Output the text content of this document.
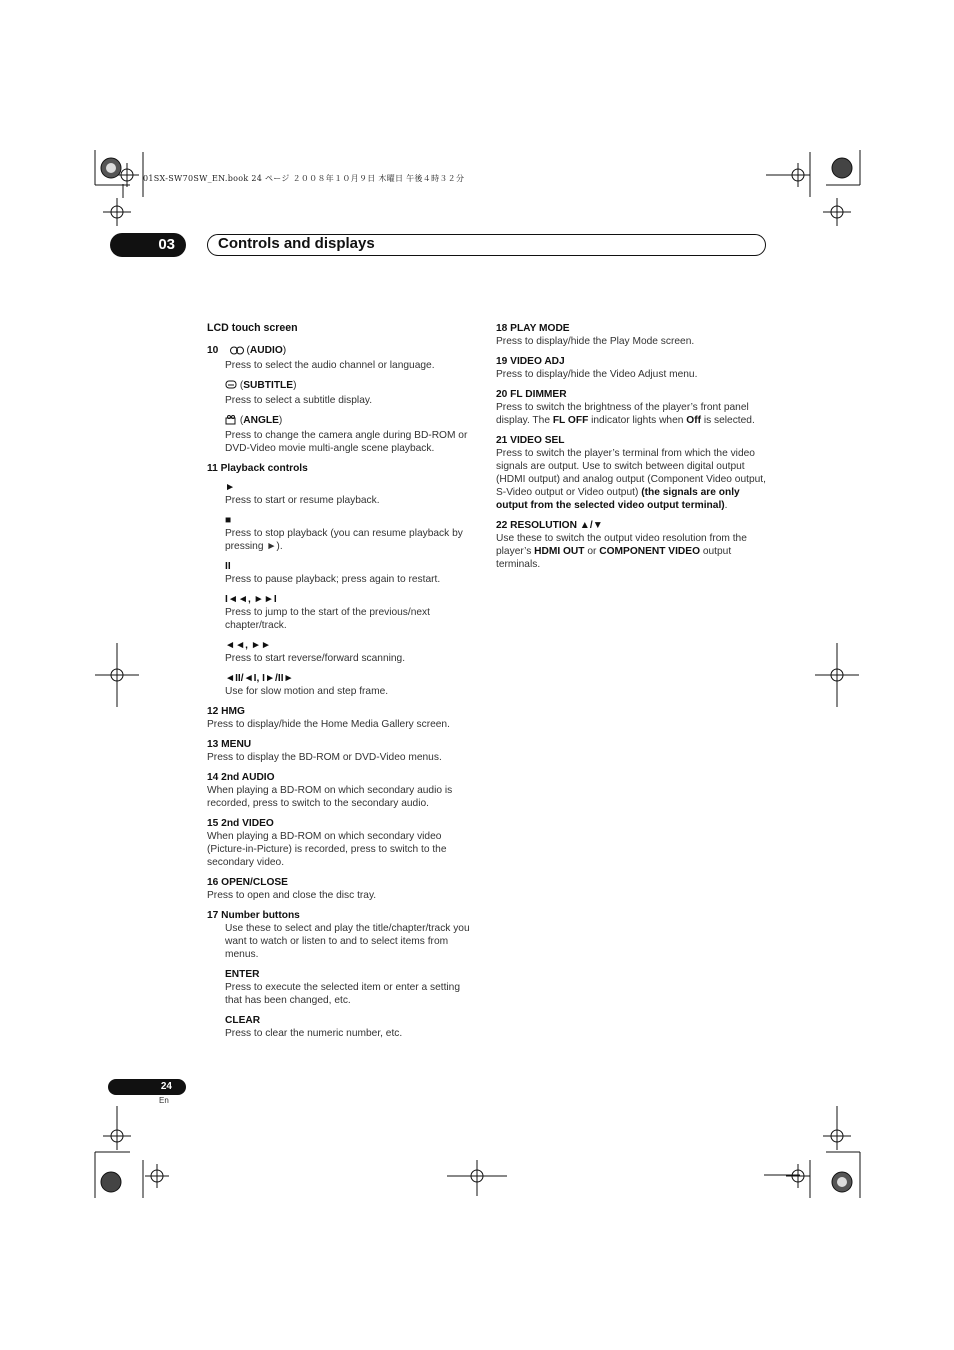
01SX-SW70SW_EN.book 24 ページ ２００８年１０月９日 木曜日 午後４時３２分
03	Controls and displays
LCD touch screen
10	(AUDIO)
Press to select the audio channel or language.
(SUBTITLE)
Press to select a subtitle display.
(ANGLE)
Press to change the camera angle during BD-ROM or DVD-Video movie multi-angle scene playback.
11 Playback controls
►
Press to start or resume playback.
■
Press to stop playback (you can resume playback by pressing ►).
II
Press to pause playback; press again to restart.
I◄◄, ►►I
Press to jump to the start of the previous/next chapter/track.
◄◄, ►►
Press to start reverse/forward scanning.
◄II/◄I, I►/II►
Use for slow motion and step frame.
12 HMG
Press to display/hide the Home Media Gallery screen.
13 MENU
Press to display the BD-ROM or DVD-Video menus.
14 2nd AUDIO
When playing a BD-ROM on which secondary audio is recorded, press to switch to the secondary audio.
15 2nd VIDEO
When playing a BD-ROM on which secondary video (Picture-in-Picture) is recorded, press to switch to the secondary video.
16 OPEN/CLOSE
Press to open and close the disc tray.
17 Number buttons
Use these to select and play the title/chapter/track you want to watch or listen to and to select items from menus.
ENTER
Press to execute the selected item or enter a setting that has been changed, etc.
CLEAR
Press to clear the numeric number, etc.
18 PLAY MODE
Press to display/hide the Play Mode screen.
19 VIDEO ADJ
Press to display/hide the Video Adjust menu.
20 FL DIMMER
Press to switch the brightness of the player’s front panel display. The FL OFF indicator lights when Off is selected.
21 VIDEO SEL
Press to switch the player’s terminal from which the video signals are output. Use to switch between digital output (HDMI output) and analog output (Component Video output, S-Video output or Video output) (the signals are only output from the selected video output terminal).
22 RESOLUTION ▲/▼
Use these to switch the output video resolution from the player’s HDMI OUT or COMPONENT VIDEO output terminals.
24
En
